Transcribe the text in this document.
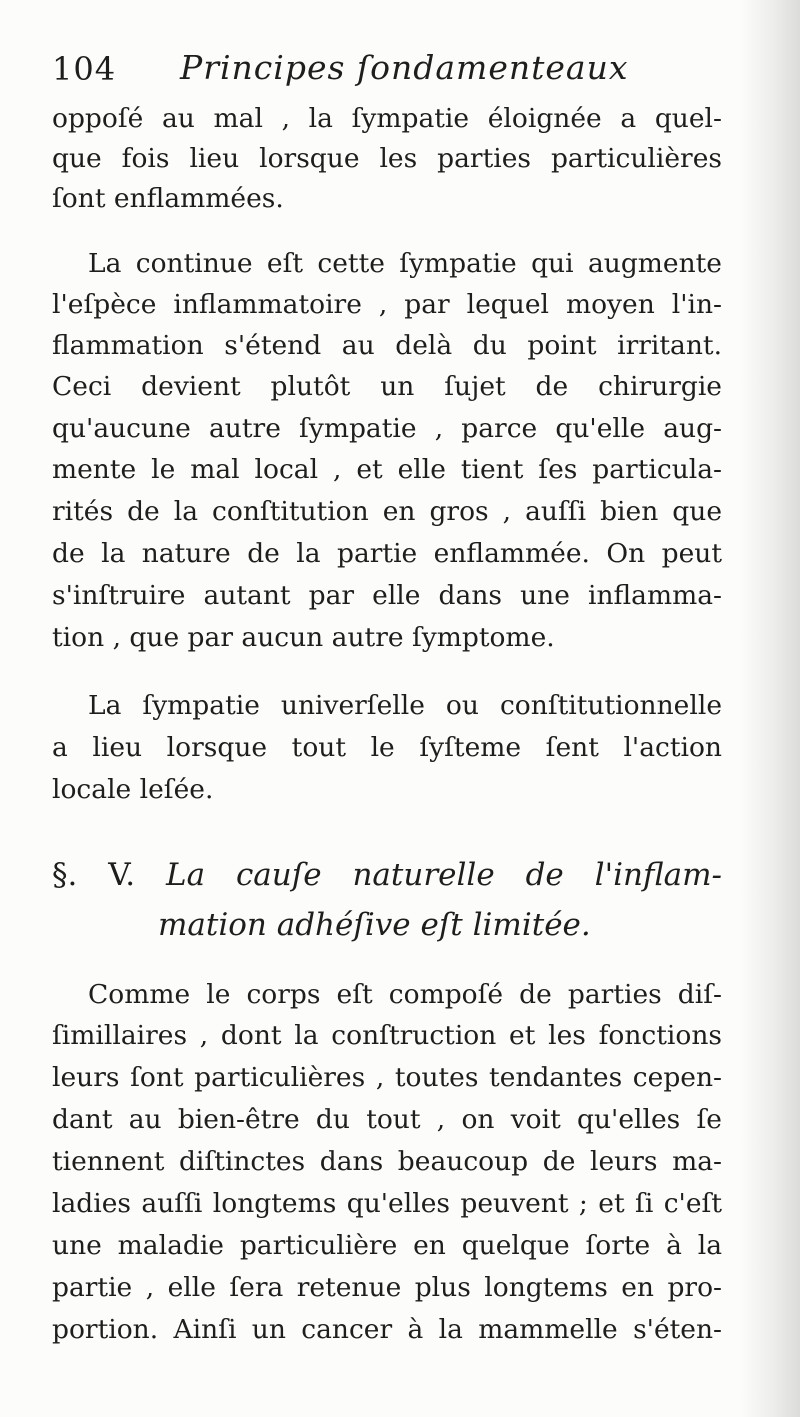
104 Principes ſondamenteaux
oppoſé au mal , la ſympatie éloignée a quel-
que fois lieu lorsque les parties particulières
ſont enflammées.
La continue eſt cette ſympatie qui augmente
l'eſpèce inflammatoire , par lequel moyen l'in-
flammation s'étend au delà du point irritant.
Ceci devient plutôt un ſujet de chirurgie
qu'aucune autre ſympatie , parce qu'elle aug-
mente le mal local , et elle tient ſes particula-
rités de la conſtitution en gros , auſſi bien que
de la nature de la partie enflammée. On peut
s'inſtruire autant par elle dans une inflamma-
tion , que par aucun autre ſymptome.
La ſympatie univerſelle ou conſtitutionnelle
a lieu lorsque tout le ſyſteme ſent l'action
locale leſée.
§. V. La cauſe naturelle de l'inflam-
mation adhéſive eſt limitée.
Comme le corps eſt compoſé de parties diſ-
ſimillaires , dont la conſtruction et les fonctions
leurs ſont particulières , toutes tendantes cepen-
dant au bien-être du tout , on voit qu'elles ſe
tiennent diſtinctes dans beaucoup de leurs ma-
ladies auſſi longtems qu'elles peuvent ; et ſi c'eſt
une maladie particulière en quelque ſorte à la
partie , elle ſera retenue plus longtems en pro-
portion. Ainſi un cancer à la mammelle s'éten-
